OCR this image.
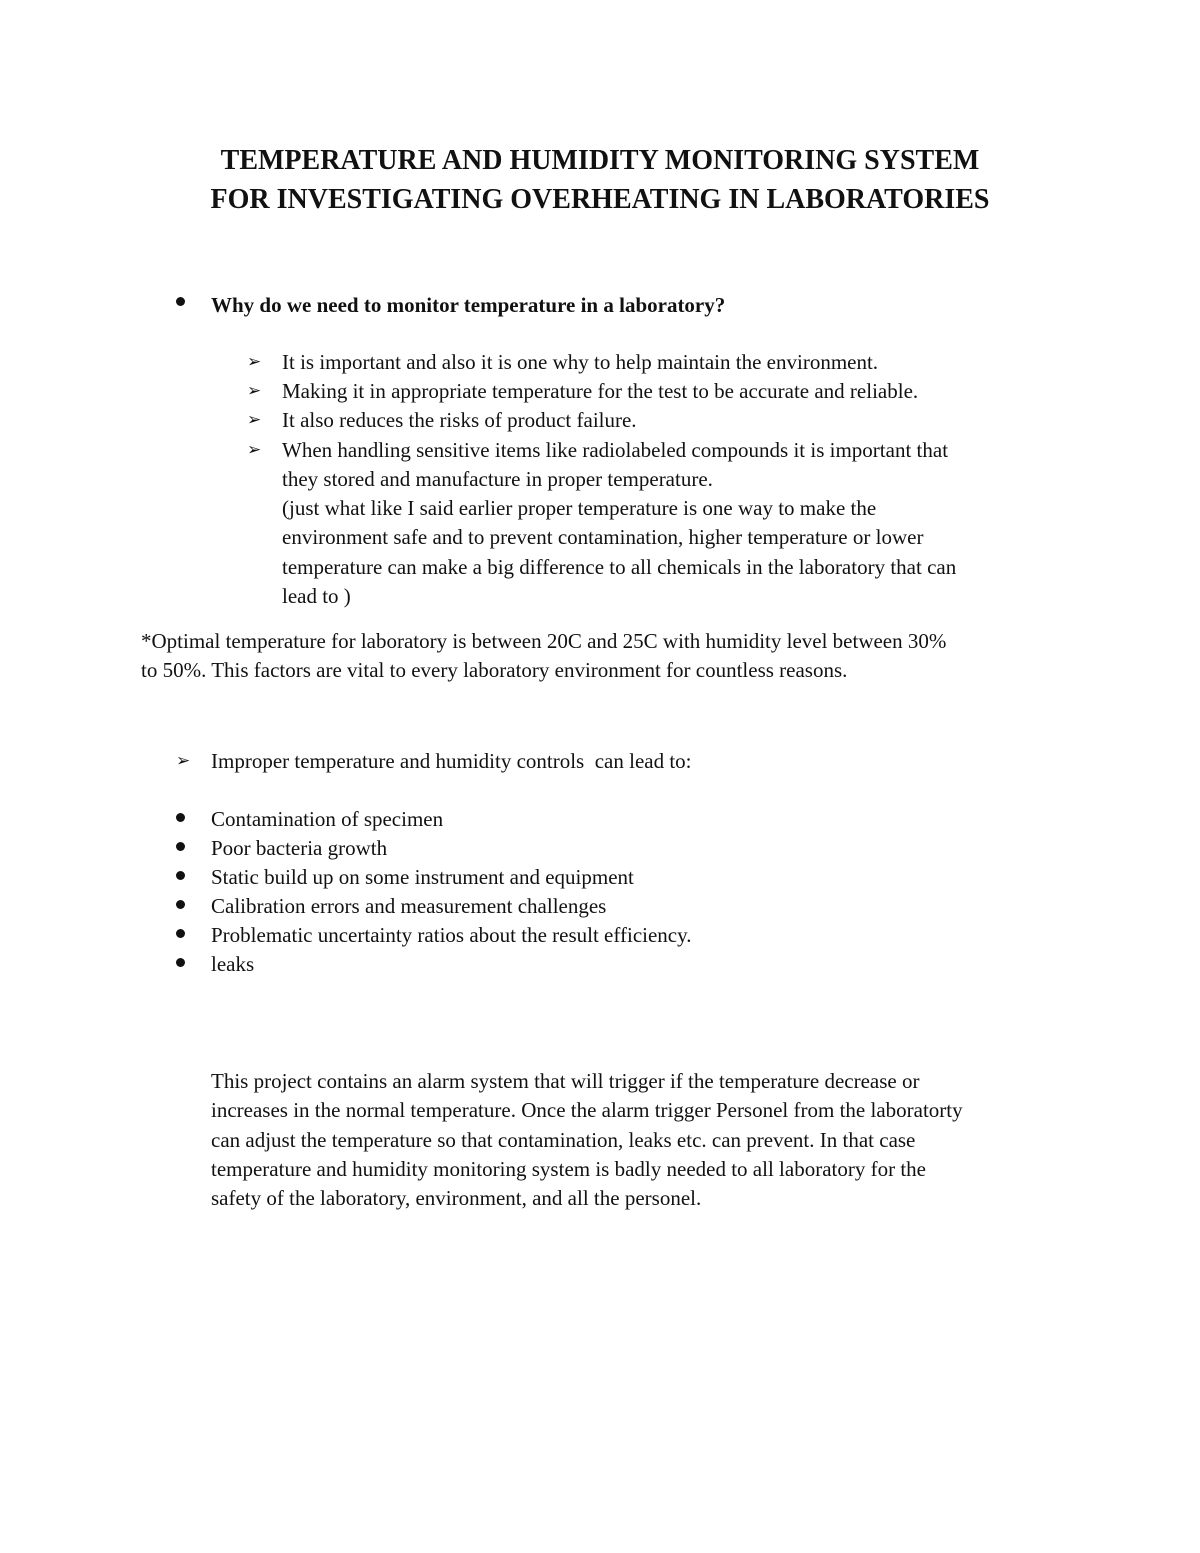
TEMPERATURE AND HUMIDITY MONITORING SYSTEM
FOR INVESTIGATING OVERHEATING IN LABORATORIES
Why do we need to monitor temperature in a laboratory?
➢ It is important and also it is one why to help maintain the environment.
➢ Making it in appropriate temperature for the test to be accurate and reliable.
➢ It also reduces the risks of product failure.
➢ When handling sensitive items like radiolabeled compounds it is important that
they stored and manufacture in proper temperature.
(just what like I said earlier proper temperature is one way to make the
environment safe and to prevent contamination, higher temperature or lower
temperature can make a big difference to all chemicals in the laboratory that can
lead to )
*Optimal temperature for laboratory is between 20C and 25C with humidity level between 30%
to 50%. This factors are vital to every laboratory environment for countless reasons.
➢ Improper temperature and humidity controls  can lead to:
Contamination of specimen
Poor bacteria growth
Static build up on some instrument and equipment
Calibration errors and measurement challenges
Problematic uncertainty ratios about the result efficiency.
leaks
This project contains an alarm system that will trigger if the temperature decrease or
increases in the normal temperature. Once the alarm trigger Personel from the laboratorty
can adjust the temperature so that contamination, leaks etc. can prevent. In that case
temperature and humidity monitoring system is badly needed to all laboratory for the
safety of the laboratory, environment, and all the personel.
